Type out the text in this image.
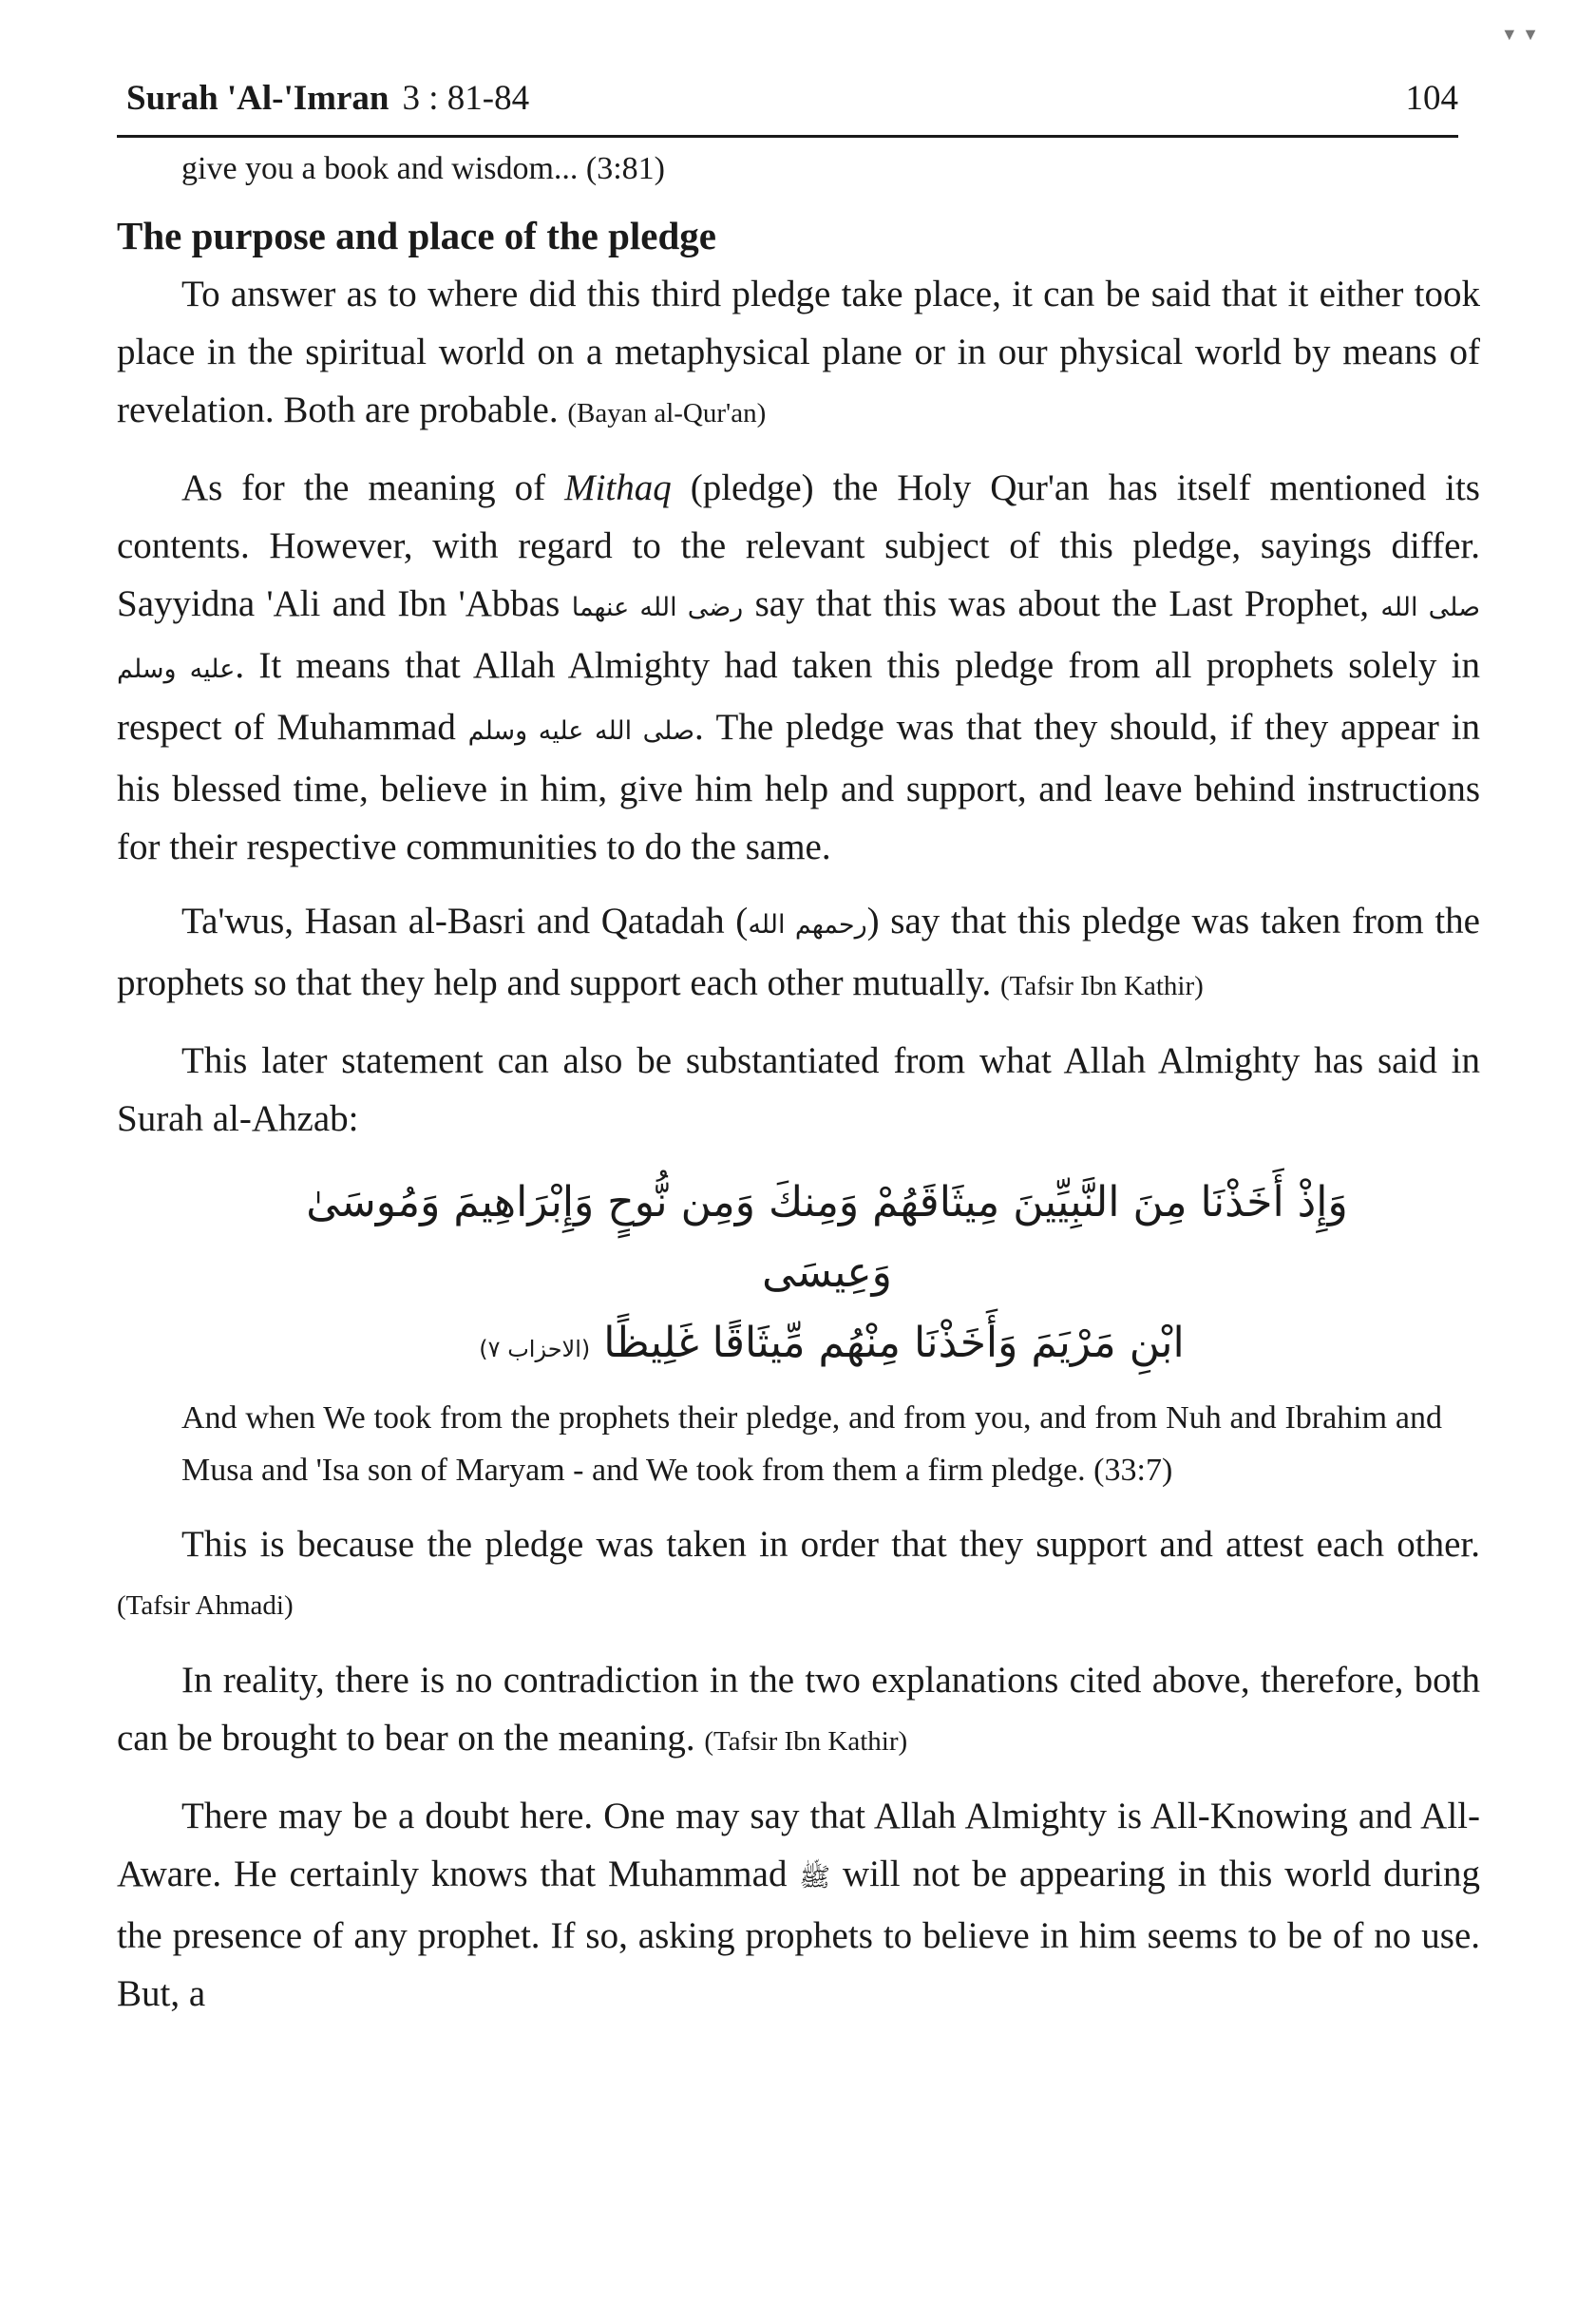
▼ ▼
Surah 'Al-'Imran 3 : 81-84	104

give you a book and wisdom... (3:81)

The purpose and place of the pledge

To answer as to where did this third pledge take place, it can be said that it either took place in the spiritual world on a metaphysical plane or in our physical world by means of revelation. Both are probable. (Bayan al-Qur'an)

As for the meaning of Mithaq (pledge) the Holy Qur'an has itself mentioned its contents. However, with regard to the relevant subject of this pledge, sayings differ. Sayyidna 'Ali and Ibn 'Abbas رضی الله عنهما say that this was about the Last Prophet, صلی الله علیه وسلم. It means that Allah Almighty had taken this pledge from all prophets solely in respect of Muhammad صلی الله علیه وسلم. The pledge was that they should, if they appear in his blessed time, believe in him, give him help and support, and leave behind instructions for their respective communities to do the same.

Ta'wus, Hasan al-Basri and Qatadah (رحمهم الله) say that this pledge was taken from the prophets so that they help and support each other mutually. (Tafsir Ibn Kathir)

This later statement can also be substantiated from what Allah Almighty has said in Surah al-Ahzab:

وَإِذْ أَخَذْنَا مِنَ النَّبِيِّينَ مِيثَاقَهُمْ وَمِنكَ وَمِن نُّوحٍ وَإِبْرَاهِيمَ وَمُوسَىٰ وَعِيسَى
ابْنِ مَرْيَمَ وَأَخَذْنَا مِنْهُم مِّيثَاقًا غَلِيظًا (الاحزاب ۷)

And when We took from the prophets their pledge, and from you, and from Nuh and Ibrahim and Musa and 'Isa son of Maryam - and We took from them a firm pledge. (33:7)

This is because the pledge was taken in order that they support and attest each other. (Tafsir Ahmadi)

In reality, there is no contradiction in the two explanations cited above, therefore, both can be brought to bear on the meaning. (Tafsir Ibn Kathir)

There may be a doubt here. One may say that Allah Almighty is All-Knowing and All-Aware. He certainly knows that Muhammad ﷺ will not be appearing in this world during the presence of any prophet. If so, asking prophets to believe in him seems to be of no use. But, a
